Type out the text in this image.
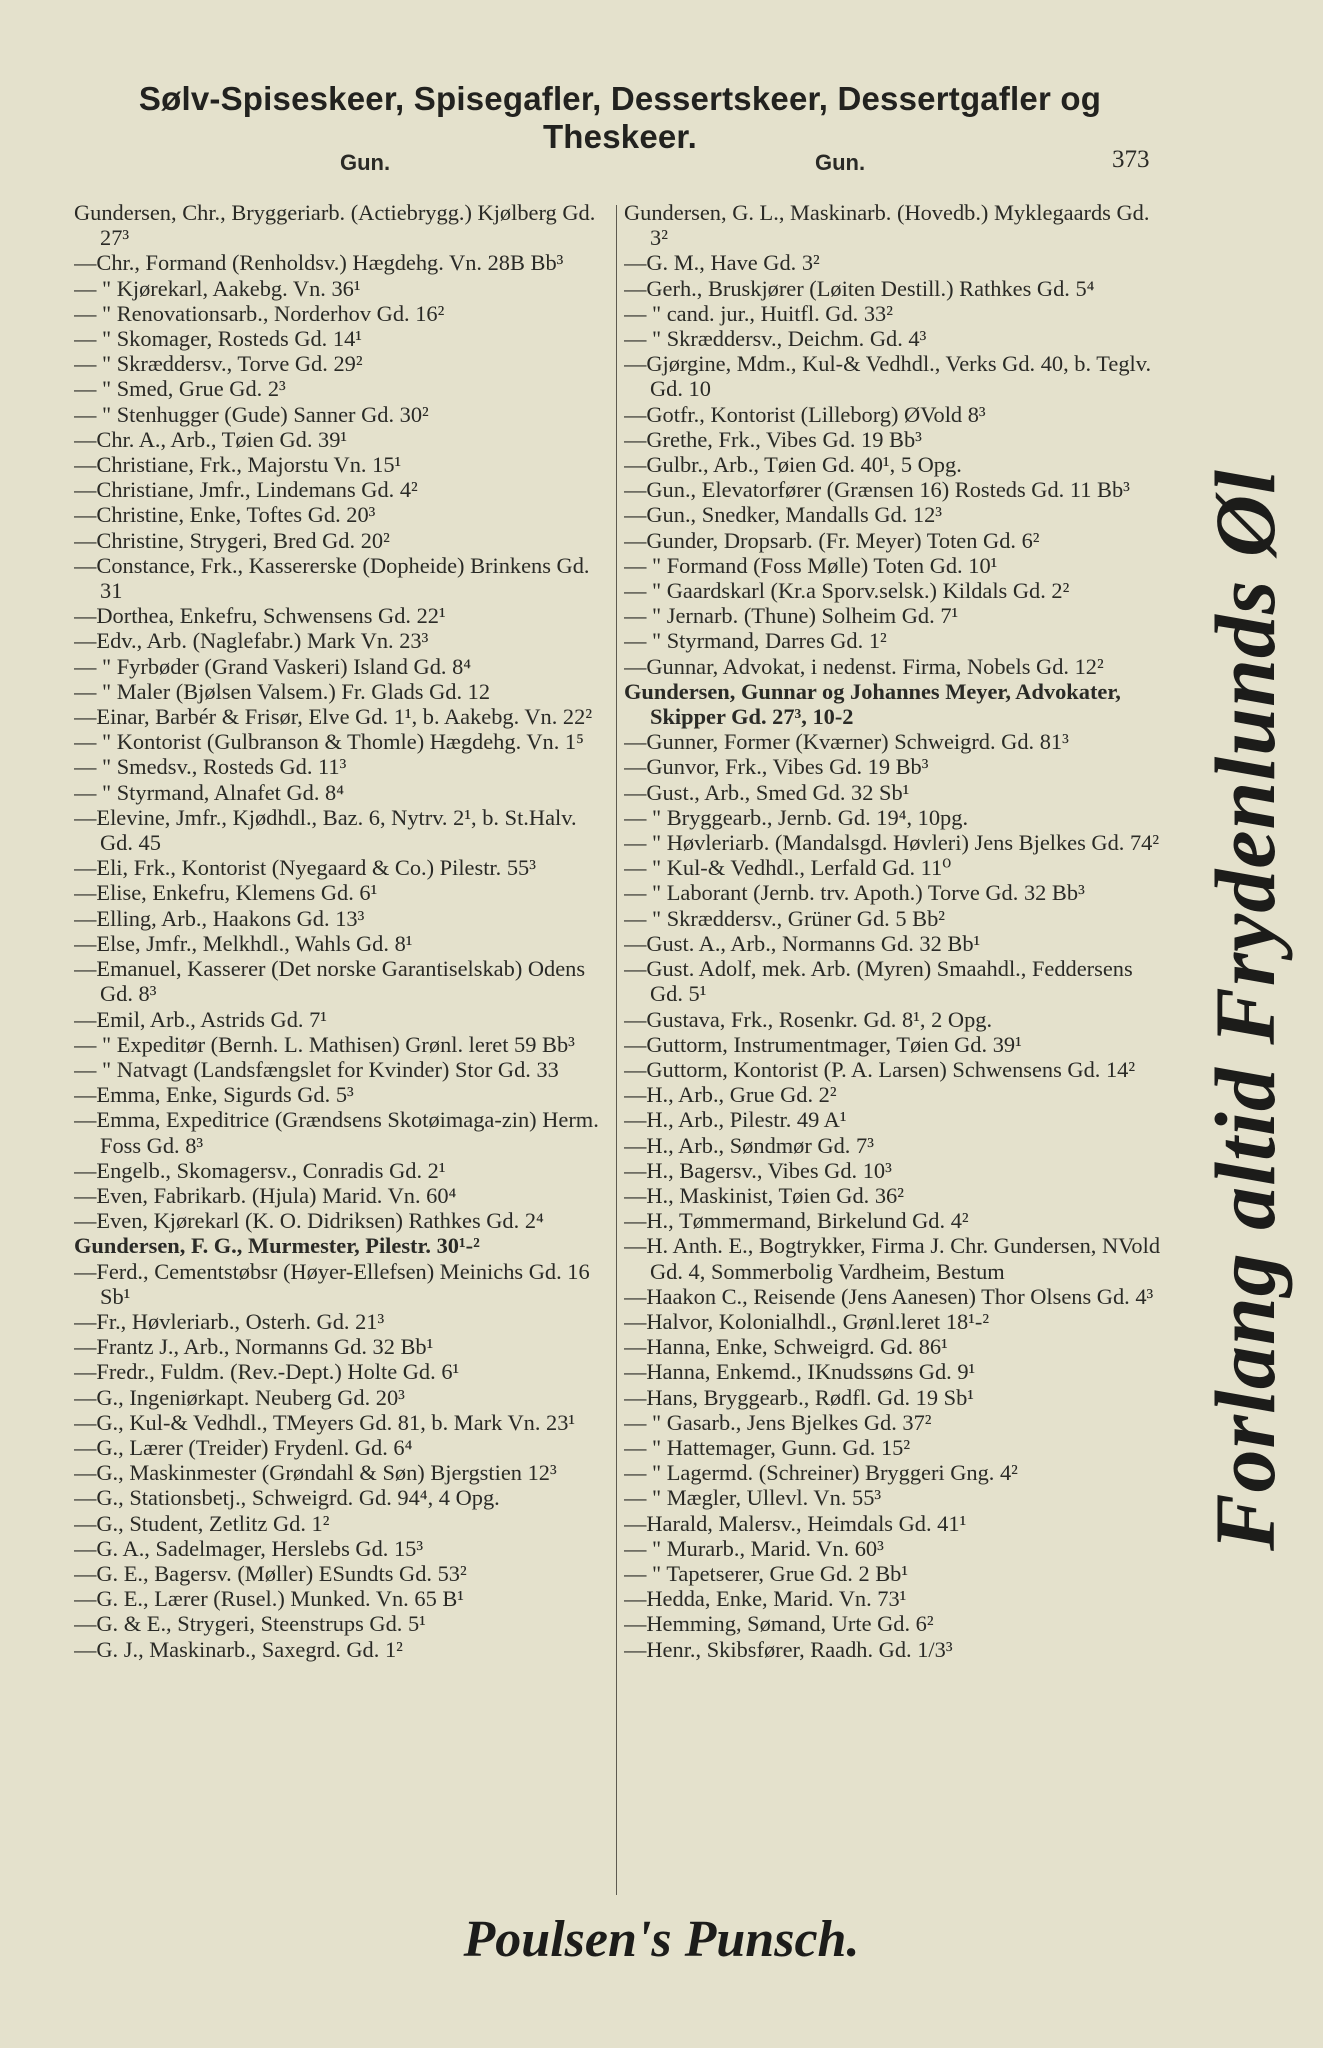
Sølv-Spiseskeer, Spisegafler, Dessertskeer, Dessertgafler og Theskeer.
Gun.	Gun.	373

Gundersen, Chr., Bryggeriarb. (Actiebrygg.) Kjølberg Gd. 27³

—Chr., Formand (Renholdsv.) Hægdehg. Vn. 28B Bb³

— " Kjørekarl, Aakebg. Vn. 36¹

— " Renovationsarb., Norderhov Gd. 16²

— " Skomager, Rosteds Gd. 14¹

— " Skræddersv., Torve Gd. 29²

— " Smed, Grue Gd. 2³

— " Stenhugger (Gude) Sanner Gd. 30²

—Chr. A., Arb., Tøien Gd. 39¹

—Christiane, Frk., Majorstu Vn. 15¹

—Christiane, Jmfr., Lindemans Gd. 4²

—Christine, Enke, Toftes Gd. 20³

—Christine, Strygeri, Bred Gd. 20²

—Constance, Frk., Kassererske (Dopheide) Brinkens Gd. 31

—Dorthea, Enkefru, Schwensens Gd. 22¹

—Edv., Arb. (Naglefabr.) Mark Vn. 23³

— " Fyrbøder (Grand Vaskeri) Island Gd. 8⁴

— " Maler (Bjølsen Valsem.) Fr. Glads Gd. 12

—Einar, Barbér & Frisør, Elve Gd. 1¹, b. Aakebg. Vn. 22²

— " Kontorist (Gulbranson & Thomle) Hægdehg. Vn. 1⁵

— " Smedsv., Rosteds Gd. 11³

— " Styrmand, Alnafet Gd. 8⁴

—Elevine, Jmfr., Kjødhdl., Baz. 6, Nytrv. 2¹, b. St.Halv. Gd. 45

—Eli, Frk., Kontorist (Nyegaard & Co.) Pilestr. 55³

—Elise, Enkefru, Klemens Gd. 6¹

—Elling, Arb., Haakons Gd. 13³

—Else, Jmfr., Melkhdl., Wahls Gd. 8¹

—Emanuel, Kasserer (Det norske Garantiselskab) Odens Gd. 8³

—Emil, Arb., Astrids Gd. 7¹

— " Expeditør (Bernh. L. Mathisen) Grønl. leret 59 Bb³

— " Natvagt (Landsfængslet for Kvinder) Stor Gd. 33

—Emma, Enke, Sigurds Gd. 5³

—Emma, Expeditrice (Grændsens Skotøimaga-zin) Herm. Foss Gd. 8³

—Engelb., Skomagersv., Conradis Gd. 2¹

—Even, Fabrikarb. (Hjula) Marid. Vn. 60⁴

—Even, Kjørekarl (K. O. Didriksen) Rathkes Gd. 2⁴

Gundersen, F. G., Murmester, Pilestr. 30¹-²

—Ferd., Cementstøbsr (Høyer-Ellefsen) Meinichs Gd. 16 Sb¹

—Fr., Høvleriarb., Osterh. Gd. 21³

—Frantz J., Arb., Normanns Gd. 32 Bb¹

—Fredr., Fuldm. (Rev.-Dept.) Holte Gd. 6¹

—G., Ingeniørkapt. Neuberg Gd. 20³

—G., Kul-& Vedhdl., TMeyers Gd. 81, b. Mark Vn. 23¹

—G., Lærer (Treider) Frydenl. Gd. 6⁴

—G., Maskinmester (Grøndahl & Søn) Bjergstien 12³

—G., Stationsbetj., Schweigrd. Gd. 94⁴, 4 Opg.

—G., Student, Zetlitz Gd. 1²

—G. A., Sadelmager, Herslebs Gd. 15³

—G. E., Bagersv. (Møller) ESundts Gd. 53²

—G. E., Lærer (Rusel.) Munked. Vn. 65 B¹

—G. & E., Strygeri, Steenstrups Gd. 5¹

—G. J., Maskinarb., Saxegrd. Gd. 1²

Gundersen, G. L., Maskinarb. (Hovedb.) Myklegaards Gd. 3²

—G. M., Have Gd. 3²

—Gerh., Bruskjører (Løiten Destill.) Rathkes Gd. 5⁴

— " cand. jur., Huitfl. Gd. 33²

— " Skræddersv., Deichm. Gd. 4³

—Gjørgine, Mdm., Kul-& Vedhdl., Verks Gd. 40, b. Teglv. Gd. 10

—Gotfr., Kontorist (Lilleborg) ØVold 8³

—Grethe, Frk., Vibes Gd. 19 Bb³

—Gulbr., Arb., Tøien Gd. 40¹, 5 Opg.

—Gun., Elevatorfører (Grænsen 16) Rosteds Gd. 11 Bb³

—Gun., Snedker, Mandalls Gd. 12³

—Gunder, Dropsarb. (Fr. Meyer) Toten Gd. 6²

— " Formand (Foss Mølle) Toten Gd. 10¹

— " Gaardskarl (Kr.a Sporv.selsk.) Kildals Gd. 2²

— " Jernarb. (Thune) Solheim Gd. 7¹

— " Styrmand, Darres Gd. 1²

—Gunnar, Advokat, i nedenst. Firma, Nobels Gd. 12²

Gundersen, Gunnar og Johannes Meyer, Advokater, Skipper Gd. 27³, 10-2

—Gunner, Former (Kværner) Schweigrd. Gd. 81³

—Gunvor, Frk., Vibes Gd. 19 Bb³

—Gust., Arb., Smed Gd. 32 Sb¹

— " Bryggearb., Jernb. Gd. 19⁴, 10pg.

— " Høvleriarb. (Mandalsgd. Høvleri) Jens Bjelkes Gd. 74²

— " Kul-& Vedhdl., Lerfald Gd. 11⁰

— " Laborant (Jernb. trv. Apoth.) Torve Gd. 32 Bb³

— " Skræddersv., Grüner Gd. 5 Bb²

—Gust. A., Arb., Normanns Gd. 32 Bb¹

—Gust. Adolf, mek. Arb. (Myren) Smaahdl., Feddersens Gd. 5¹

—Gustava, Frk., Rosenkr. Gd. 8¹, 2 Opg.

—Guttorm, Instrumentmager, Tøien Gd. 39¹

—Guttorm, Kontorist (P. A. Larsen) Schwensens Gd. 14²

—H., Arb., Grue Gd. 2²

—H., Arb., Pilestr. 49 A¹

—H., Arb., Søndmør Gd. 7³

—H., Bagersv., Vibes Gd. 10³

—H., Maskinist, Tøien Gd. 36²

—H., Tømmermand, Birkelund Gd. 4²

—H. Anth. E., Bogtrykker, Firma J. Chr. Gundersen, NVold Gd. 4, Sommerbolig Vardheim, Bestum

—Haakon C., Reisende (Jens Aanesen) Thor Olsens Gd. 4³

—Halvor, Kolonialhdl., Grønl.leret 18¹-²

—Hanna, Enke, Schweigrd. Gd. 86¹

—Hanna, Enkemd., IKnudssøns Gd. 9¹

—Hans, Bryggearb., Rødfl. Gd. 19 Sb¹

— " Gasarb., Jens Bjelkes Gd. 37²

— " Hattemager, Gunn. Gd. 15²

— " Lagermd. (Schreiner) Bryggeri Gng. 4²

— " Mægler, Ullevl. Vn. 55³

—Harald, Malersv., Heimdals Gd. 41¹

— " Murarb., Marid. Vn. 60³

— " Tapetserer, Grue Gd. 2 Bb¹

—Hedda, Enke, Marid. Vn. 73¹

—Hemming, Sømand, Urte Gd. 6²

—Henr., Skibsfører, Raadh. Gd. 1/3³

Forlang altid Frydenlunds Øl
Poulsen's Punsch.
